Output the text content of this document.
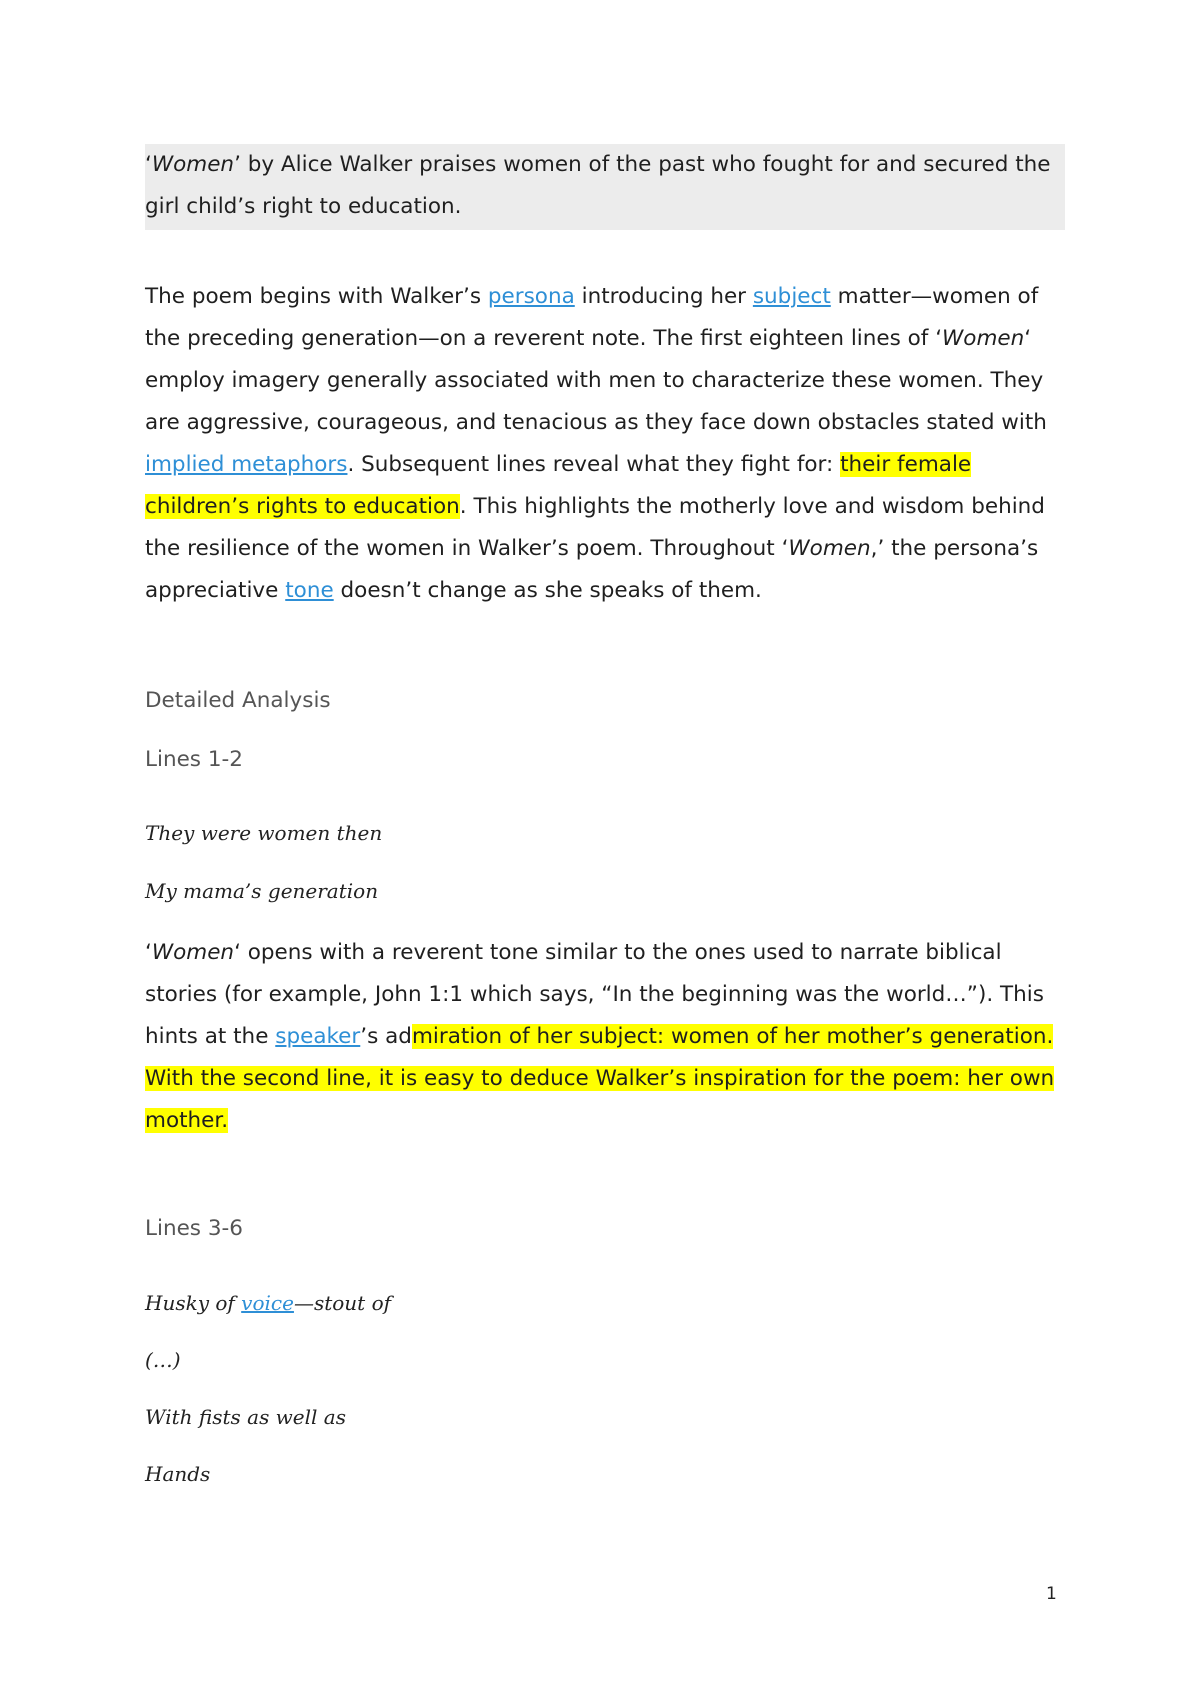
‘Women’ by Alice Walker praises women of the past who fought for and secured the girl child’s right to education.

The poem begins with Walker’s persona introducing her subject matter—women of the preceding generation—on a reverent note. The first eighteen lines of ‘Women‘ employ imagery generally associated with men to characterize these women. They are aggressive, courageous, and tenacious as they face down obstacles stated with implied metaphors. Subsequent lines reveal what they fight for: their female children’s rights to education. This highlights the motherly love and wisdom behind the resilience of the women in Walker’s poem. Throughout ‘Women,’ the persona’s appreciative tone doesn’t change as she speaks of them.

Detailed Analysis
Lines 1-2
They were women then
My mama’s generation

‘Women‘ opens with a reverent tone similar to the ones used to narrate biblical stories (for example, John 1:1 which says, “In the beginning was the world…”). This hints at the speaker’s admiration of her subject: women of her mother’s generation. With the second line, it is easy to deduce Walker’s inspiration for the poem: her own mother.

Lines 3-6
Husky of voice—stout of
(…)
With fists as well as
Hands
1
